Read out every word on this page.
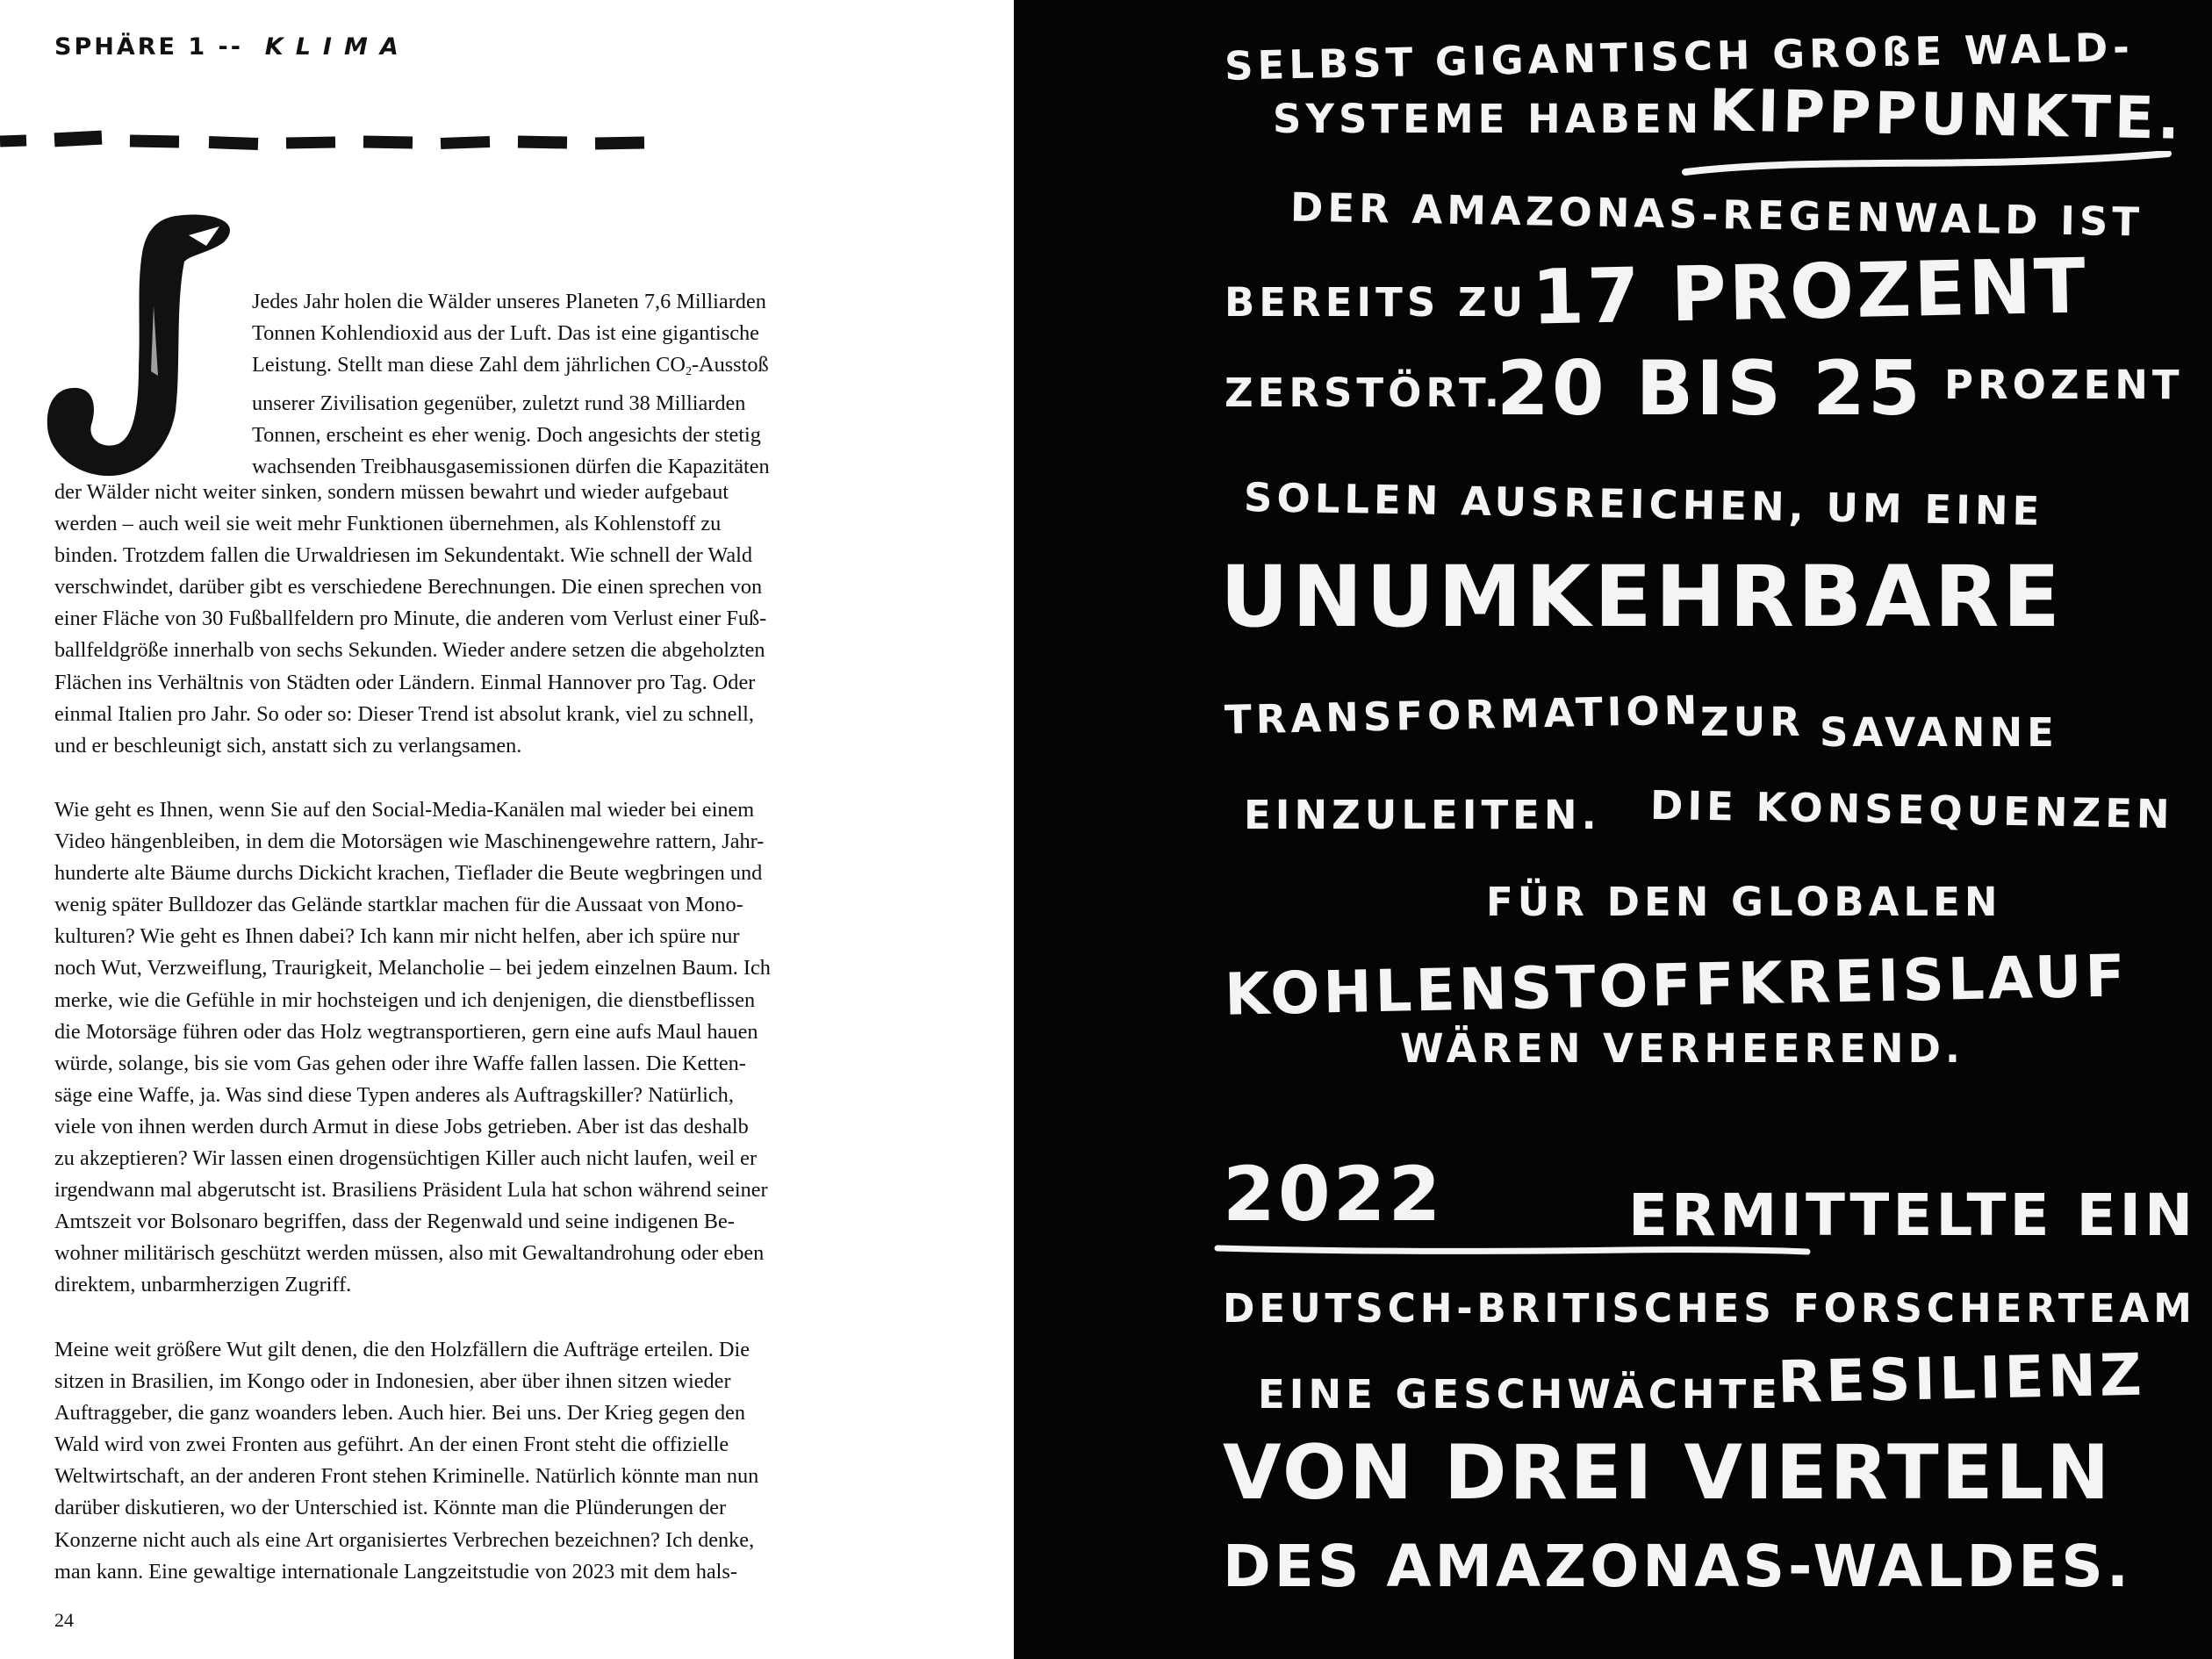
SPHÄRE 1 -- KLIMA
Jedes Jahr holen die Wälder unseres Planeten 7,6 Milliarden
Tonnen Kohlendioxid aus der Luft. Das ist eine gigantische
Leistung. Stellt man diese Zahl dem jährlichen CO2-Ausstoß
unserer Zivilisation gegenüber, zuletzt rund 38 Milliarden
Tonnen, erscheint es eher wenig. Doch angesichts der stetig
wachsenden Treibhausgasemissionen dürfen die Kapazitäten
der Wälder nicht weiter sinken, sondern müssen bewahrt und wieder aufgebaut
werden – auch weil sie weit mehr Funktionen übernehmen, als Kohlenstoff zu
binden. Trotzdem fallen die Urwaldriesen im Sekundentakt. Wie schnell der Wald
verschwindet, darüber gibt es verschiedene Berechnungen. Die einen sprechen von
einer Fläche von 30 Fußballfeldern pro Minute, die anderen vom Verlust einer Fuß-
ballfeldgröße innerhalb von sechs Sekunden. Wieder andere setzen die abgeholzten
Flächen ins Verhältnis von Städten oder Ländern. Einmal Hannover pro Tag. Oder
einmal Italien pro Jahr. So oder so: Dieser Trend ist absolut krank, viel zu schnell,
und er beschleunigt sich, anstatt sich zu verlangsamen.
Wie geht es Ihnen, wenn Sie auf den Social-Media-Kanälen mal wieder bei einem
Video hängenbleiben, in dem die Motorsägen wie Maschinengewehre rattern, Jahr-
hunderte alte Bäume durchs Dickicht krachen, Tieflader die Beute wegbringen und
wenig später Bulldozer das Gelände startklar machen für die Aussaat von Mono-
kulturen? Wie geht es Ihnen dabei? Ich kann mir nicht helfen, aber ich spüre nur
noch Wut, Verzweiflung, Traurigkeit, Melancholie – bei jedem einzelnen Baum. Ich
merke, wie die Gefühle in mir hochsteigen und ich denjenigen, die dienstbeflissen
die Motorsäge führen oder das Holz wegtransportieren, gern eine aufs Maul hauen
würde, solange, bis sie vom Gas gehen oder ihre Waffe fallen lassen. Die Ketten-
säge eine Waffe, ja. Was sind diese Typen anderes als Auftragskiller? Natürlich,
viele von ihnen werden durch Armut in diese Jobs getrieben. Aber ist das deshalb
zu akzeptieren? Wir lassen einen drogensüchtigen Killer auch nicht laufen, weil er
irgendwann mal abgerutscht ist. Brasiliens Präsident Lula hat schon während seiner
Amtszeit vor Bolsonaro begriffen, dass der Regenwald und seine indigenen Be-
wohner militärisch geschützt werden müssen, also mit Gewaltandrohung oder eben
direktem, unbarmherzigen Zugriff.
Meine weit größere Wut gilt denen, die den Holzfällern die Aufträge erteilen. Die
sitzen in Brasilien, im Kongo oder in Indonesien, aber über ihnen sitzen wieder
Auftraggeber, die ganz woanders leben. Auch hier. Bei uns. Der Krieg gegen den
Wald wird von zwei Fronten aus geführt. An der einen Front steht die offizielle
Weltwirtschaft, an der anderen Front stehen Kriminelle. Natürlich könnte man nun
darüber diskutieren, wo der Unterschied ist. Könnte man die Plünderungen der
Konzerne nicht auch als eine Art organisiertes Verbrechen bezeichnen? Ich denke,
man kann. Eine gewaltige internationale Langzeitstudie von 2023 mit dem hals-
24
SELBST GIGANTISCH GROßE WALD-
SYSTEME HABEN KIPPPUNKTE.
DER AMAZONAS-REGENWALD IST
BEREITS ZU 17 PROZENT
ZERSTÖRT.
20 BIS 25 PROZENT
SOLLEN AUSREICHEN, UM EINE
UNUMKEHRBARE
TRANSFORMATION
ZUR SAVANNE
EINZULEITEN. DIE KONSEQUENZEN
FÜR DEN GLOBALEN
KOHLENSTOFFKREISLAUF
WÄREN VERHEEREND.
2022	ERMITTELTE EIN
DEUTSCH-BRITISCHES FORSCHERTEAM
EINE GESCHWÄCHTE
RESILIENZ
VON DREI VIERTELN
DES AMAZONAS-WALDES.
